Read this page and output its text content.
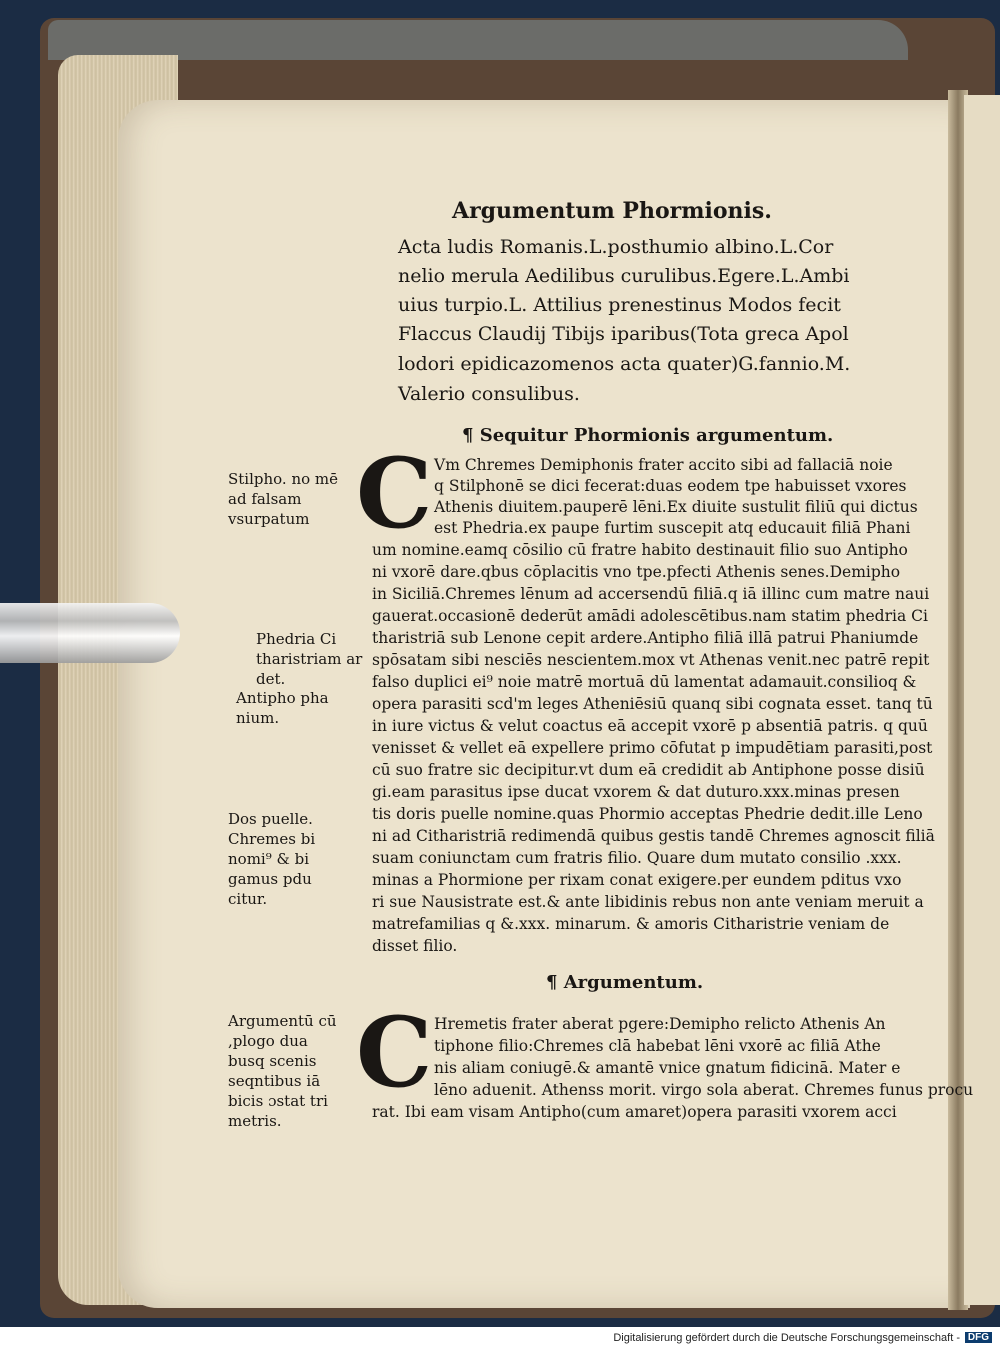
Argumentum Phormionis.
Acta ludis Romanis.L.posthumio albino.L.Cor
nelio merula Aedilibus curulibus.Egere.L.Ambi
uius turpio.L. Attilius prenestinus Modos fecit
Flaccus Claudij Tibijs iparibus(Tota greca Apol
lodori epidicazomenos acta quater)G.fannio.M.
Valerio consulibus.
¶ Sequitur Phormionis argumentum.
C Vm Chremes Demiphonis frater accito sibi ad fallaciā noie
q Stilphonē se dici fecerat:duas eodem tpe habuisset vxores
Athenis diuitem.pauperē lēni.Ex diuite sustulit filiū qui dictus
est Phedria.ex paupe furtim suscepit atq educauit filiā Phani
um nomine.eamq cōsilio cū fratre habito destinauit filio suo Antipho
ni vxorē dare.qbus cōplacitis vno tpe.pfecti Athenis senes.Demipho
in Siciliā.Chremes lēnum ad accersendū filiā.q iā illinc cum matre naui
gauerat.occasionē dederūt amādi adolescētibus.nam statim phedria Ci
tharistriā sub Lenone cepit ardere.Antipho filiā illā patrui Phaniumde
spōsatam sibi nesciēs nescientem.mox vt Athenas venit.nec patrē repit
falso duplici ei⁹ noie matrē mortuā dū lamentat adamauit.consilioq &
opera parasiti scd'm leges Atheniēsiū quanq sibi cognata esset. tanq tū
in iure victus & velut coactus eā accepit vxorē p absentiā patris. q quū
venisset & vellet eā expellere primo cōfutat p impudētiam parasiti,post
cū suo fratre sic decipitur.vt dum eā credidit ab Antiphone posse disiū
gi.eam parasitus ipse ducat vxorem & dat duturo.xxx.minas presen
tis doris puelle nomine.quas Phormio acceptas Phedrie dedit.ille Leno
ni ad Citharistriā redimendā quibus gestis tandē Chremes agnoscit filiā
suam coniunctam cum fratris filio. Quare dum mutato consilio .xxx.
minas a Phormione per rixam conat exigere.per eundem pditus vxo
ri sue Nausistrate est.& ante libidinis rebus non ante veniam meruit a
matrefamilias q &.xxx. minarum. & amoris Citharistrie veniam de
disset filio.
¶ Argumentum.
C Hremetis frater aberat pgere:Demipho relicto Athenis An
tiphone filio:Chremes clā habebat lēni vxorē ac filiā Athe
nis aliam coniugē.& amantē vnice gnatum fidicinā. Mater e
lēno aduenit. Athenss morit. virgo sola aberat. Chremes funus procu
rat. Ibi eam visam Antipho(cum amaret)opera parasiti vxorem acci
Stilpho. no mē ad falsam vsurpatum
Phedria Ci tharistriam ar det.
Antipho pha nium.
Dos puelle. Chremes bi nomi⁹ & bi gamus pdu citur.
Argumentū cū ,plogo dua busq scenis seqntibus iā bicis ɔstat tri metris.
Digitalisierung gefördert durch die Deutsche Forschungsgemeinschaft - DFG
